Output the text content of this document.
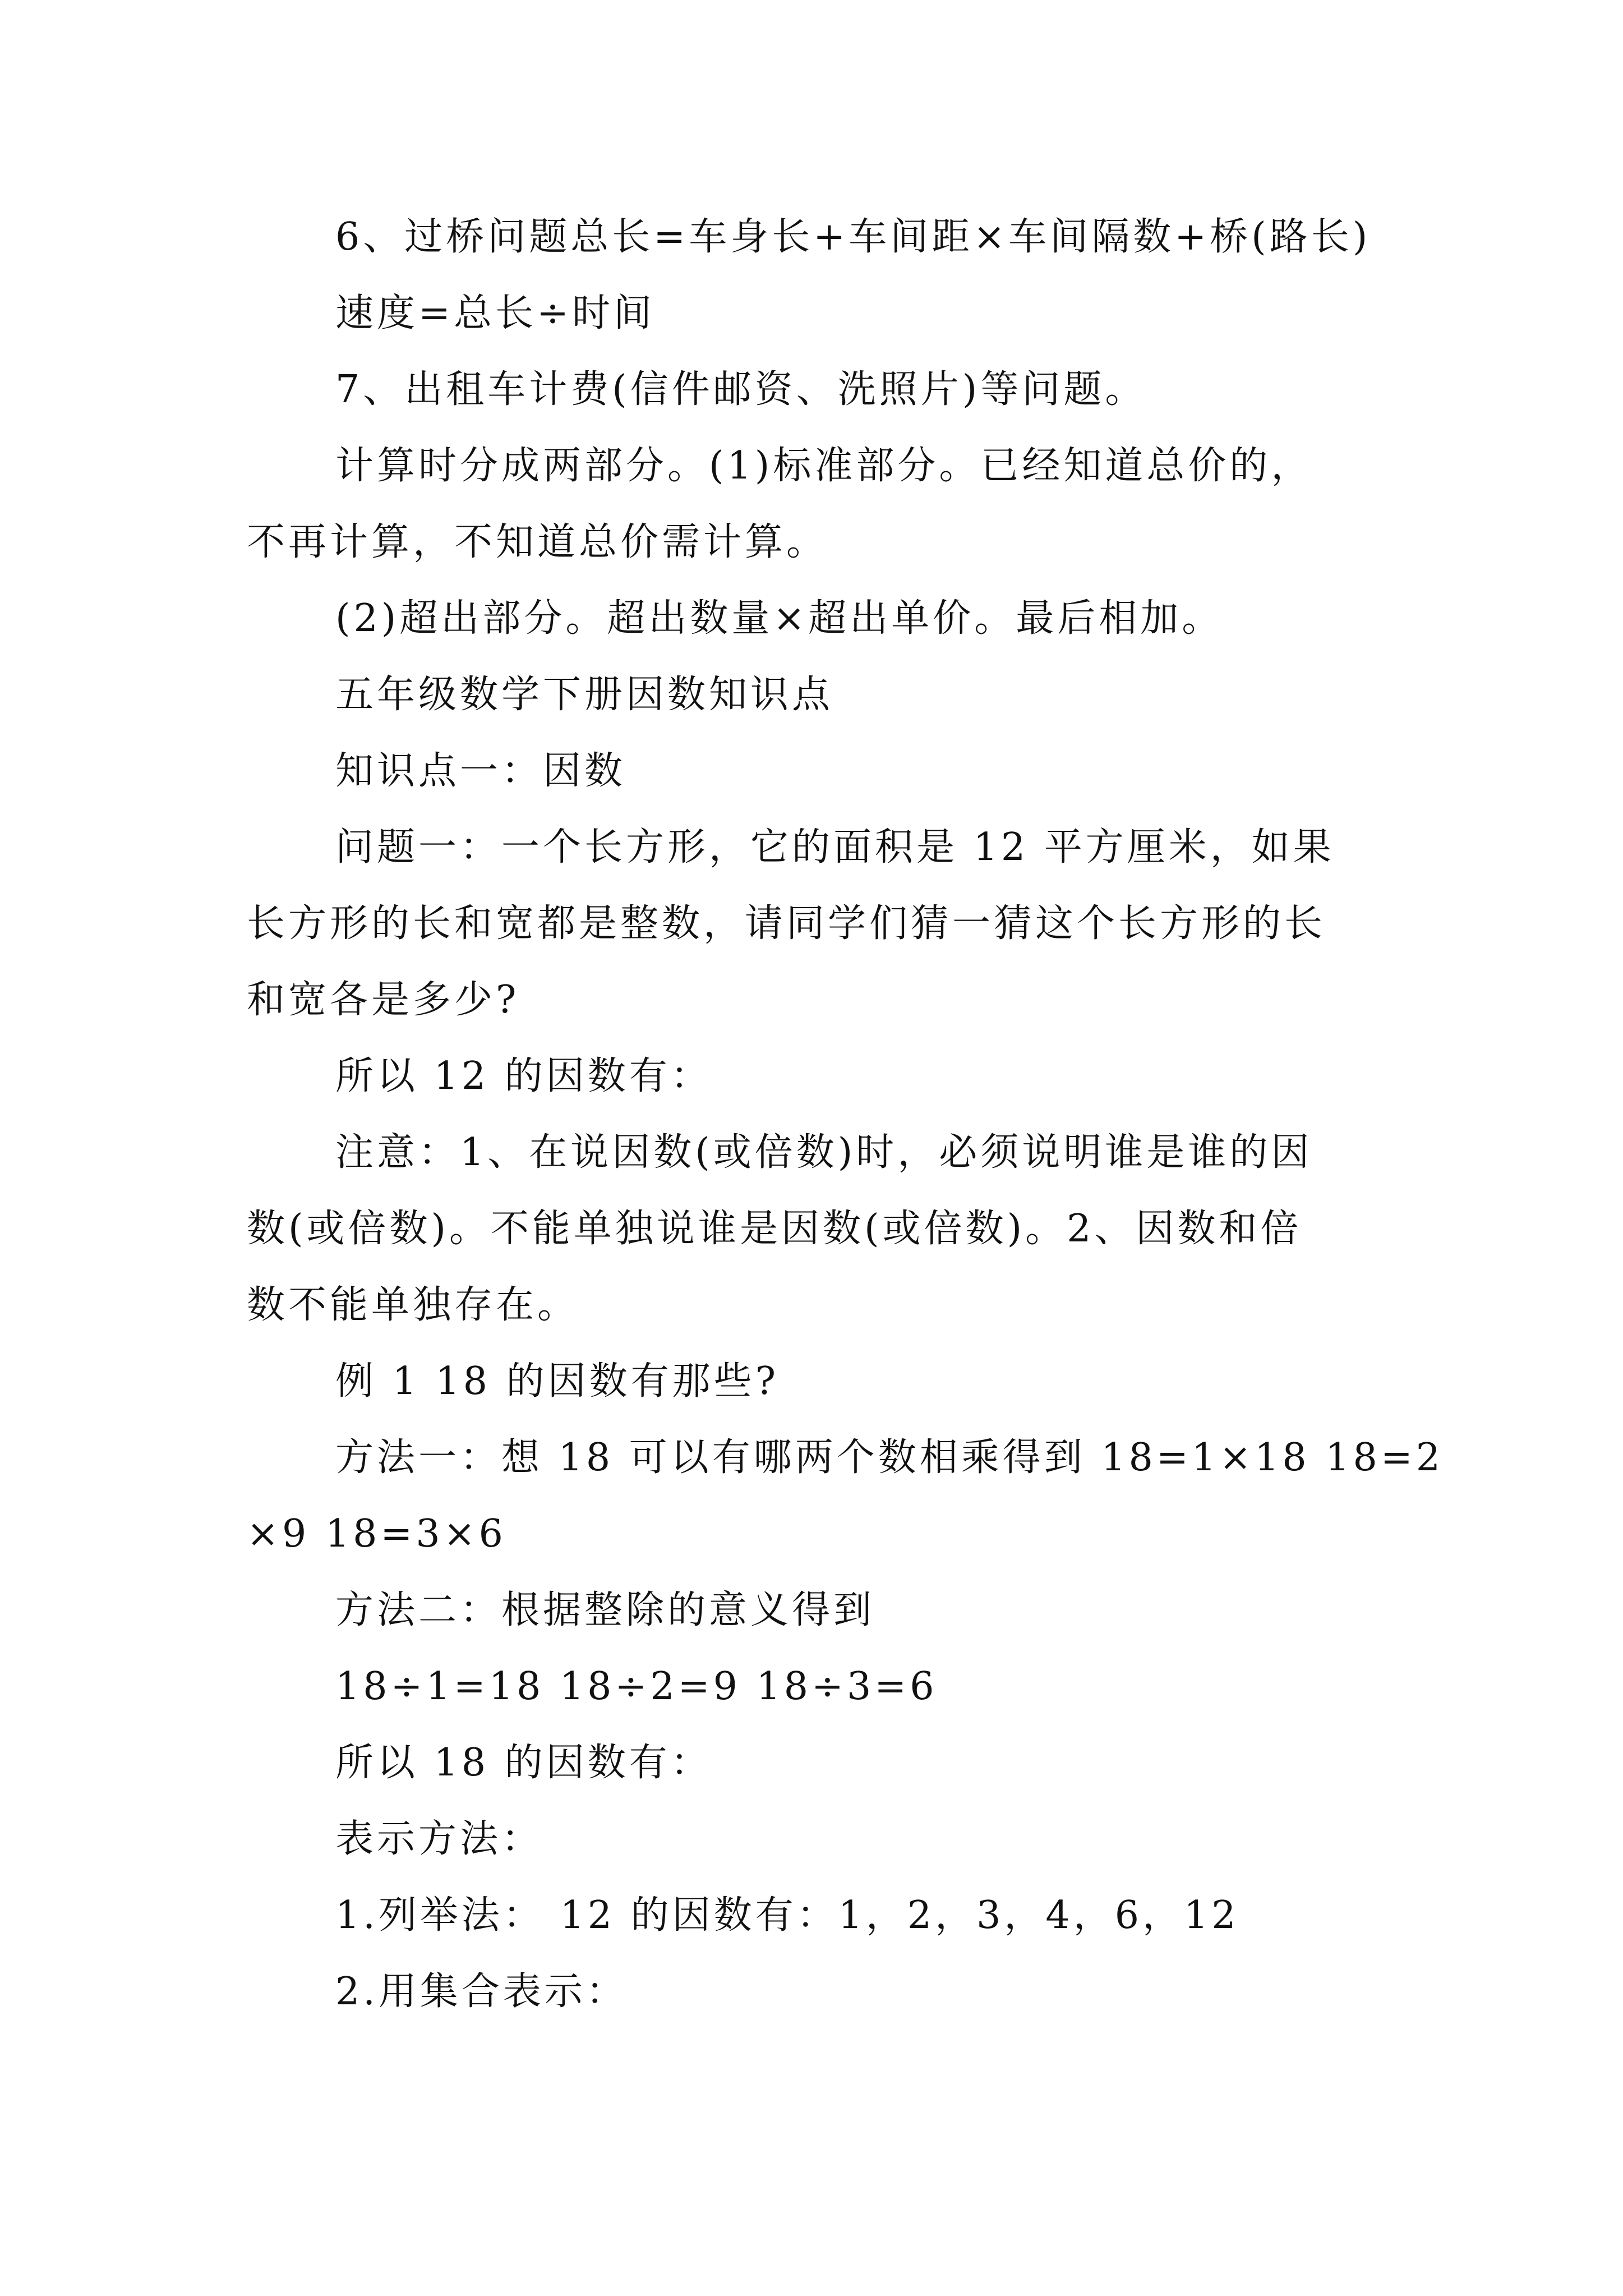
6、过桥问题总长=车身长+车间距×车间隔数+桥(路长)
速度=总长÷时间
7、出租车计费(信件邮资、洗照片)等问题。
计算时分成两部分。(1)标准部分。已经知道总价的，
不再计算，不知道总价需计算。
(2)超出部分。超出数量×超出单价。最后相加。
五年级数学下册因数知识点
知识点一：因数
问题一：一个长方形，它的面积是 12 平方厘米，如果
长方形的长和宽都是整数，请同学们猜一猜这个长方形的长
和宽各是多少?
所以 12 的因数有：
注意：1、在说因数(或倍数)时，必须说明谁是谁的因
数(或倍数)。不能单独说谁是因数(或倍数)。2、因数和倍
数不能单独存在。
例 1 18 的因数有那些?
方法一：想 18 可以有哪两个数相乘得到 18=1×18 18=2
×9 18=3×6
方法二：根据整除的意义得到
18÷1=18 18÷2=9 18÷3=6
所以 18 的因数有：
表示方法：
1.列举法： 12 的因数有：1，2，3，4，6，12
2.用集合表示：
